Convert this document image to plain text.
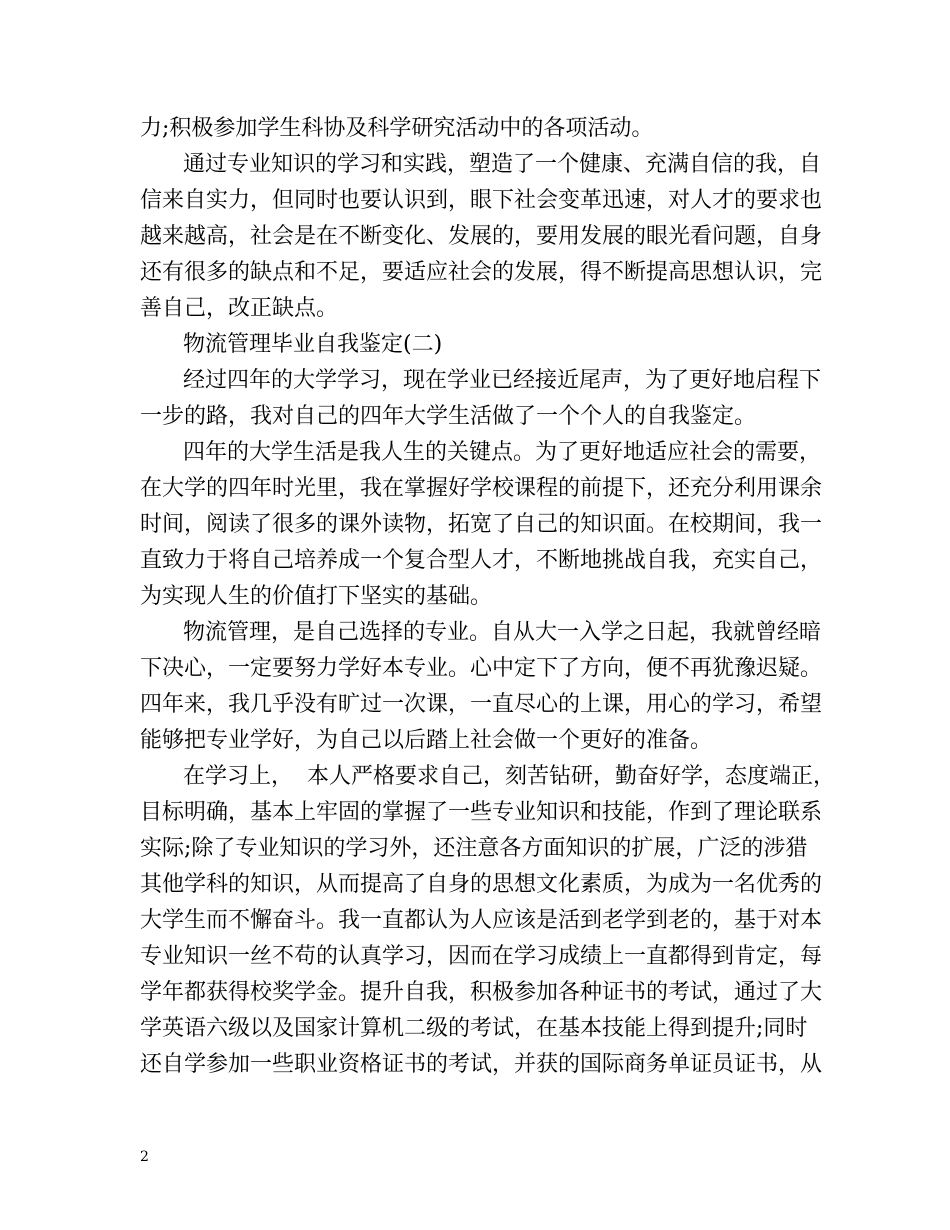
力;积极参加学生科协及科学研究活动中的各项活动。
通过专业知识的学习和实践，塑造了一个健康、充满自信的我，自
信来自实力，但同时也要认识到，眼下社会变革迅速，对人才的要求也
越来越高，社会是在不断变化、发展的，要用发展的眼光看问题，自身
还有很多的缺点和不足，要适应社会的发展，得不断提高思想认识，完
善自己，改正缺点。
物流管理毕业自我鉴定(二)
经过四年的大学学习，现在学业已经接近尾声，为了更好地启程下
一步的路，我对自己的四年大学生活做了一个个人的自我鉴定。
四年的大学生活是我人生的关键点。为了更好地适应社会的需要，
在大学的四年时光里，我在掌握好学校课程的前提下，还充分利用课余
时间，阅读了很多的课外读物，拓宽了自己的知识面。在校期间，我一
直致力于将自己培养成一个复合型人才，不断地挑战自我，充实自己，
为实现人生的价值打下坚实的基础。
物流管理，是自己选择的专业。自从大一入学之日起，我就曾经暗
下决心，一定要努力学好本专业。心中定下了方向，便不再犹豫迟疑。
四年来，我几乎没有旷过一次课，一直尽心的上课，用心的学习，希望
能够把专业学好，为自己以后踏上社会做一个更好的准备。
在学习上，  本人严格要求自己，刻苦钻研，勤奋好学，态度端正，
目标明确，基本上牢固的掌握了一些专业知识和技能，作到了理论联系
实际;除了专业知识的学习外，还注意各方面知识的扩展，广泛的涉猎
其他学科的知识，从而提高了自身的思想文化素质，为成为一名优秀的
大学生而不懈奋斗。我一直都认为人应该是活到老学到老的，基于对本
专业知识一丝不苟的认真学习，因而在学习成绩上一直都得到肯定，每
学年都获得校奖学金。提升自我，积极参加各种证书的考试，通过了大
学英语六级以及国家计算机二级的考试，在基本技能上得到提升;同时
还自学参加一些职业资格证书的考试，并获的国际商务单证员证书，从
2
